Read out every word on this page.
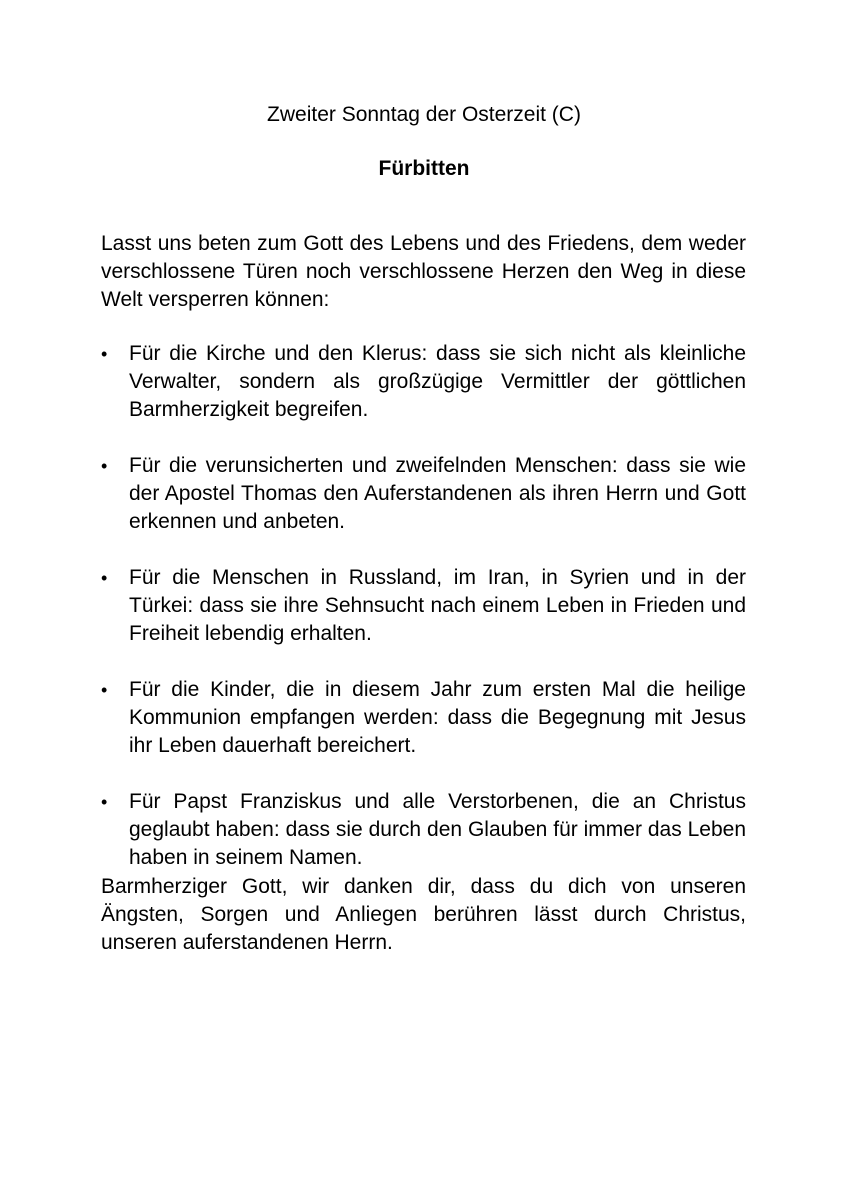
Zweiter Sonntag der Osterzeit (C)
Fürbitten

Lasst uns beten zum Gott des Lebens und des Friedens, dem weder verschlossene Türen noch verschlossene Herzen den Weg in diese Welt versperren können:

•	Für die Kirche und den Klerus: dass sie sich nicht als kleinliche Verwalter, sondern als großzügige Vermittler der göttlichen Barmherzigkeit begreifen.
•	Für die verunsicherten und zweifelnden Menschen: dass sie wie der Apostel Thomas den Auferstandenen als ihren Herrn und Gott erkennen und anbeten.
•	Für die Menschen in Russland, im Iran, in Syrien und in der Türkei: dass sie ihre Sehnsucht nach einem Leben in Frieden und Freiheit lebendig erhalten.
•	Für die Kinder, die in diesem Jahr zum ersten Mal die heilige Kommunion empfangen werden: dass die Begegnung mit Jesus ihr Leben dauerhaft bereichert.
•	Für Papst Franziskus und alle Verstorbenen, die an Christus geglaubt haben: dass sie durch den Glauben für immer das Leben haben in seinem Namen.

Barmherziger Gott, wir danken dir, dass du dich von unseren Ängsten, Sorgen und Anliegen berühren lässt durch Christus, unseren auferstandenen Herrn.
